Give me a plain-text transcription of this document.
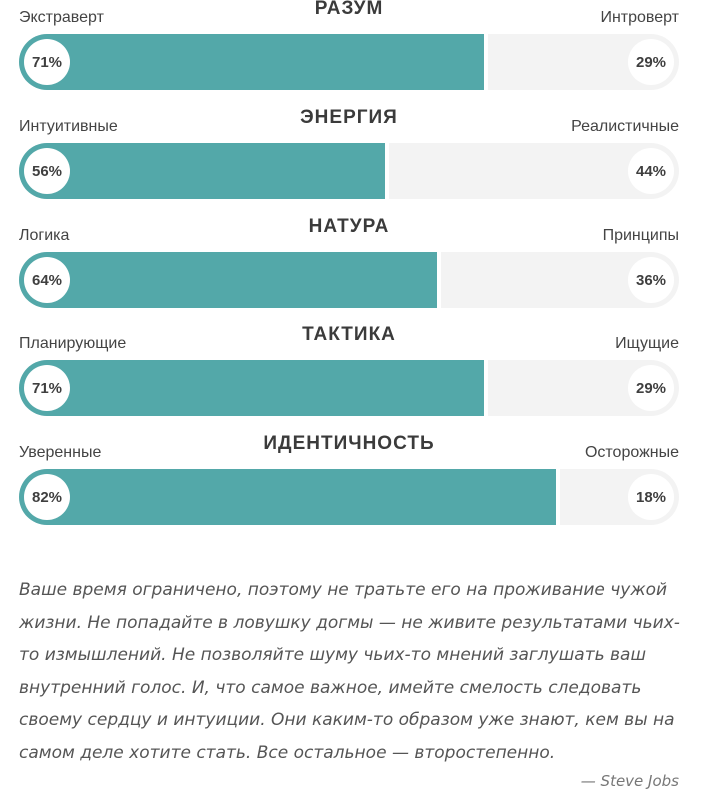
РАЗУМ
Экстраверт	Интроверт
71%	29%
ЭНЕРГИЯ
Интуитивные	Реалистичные
56%	44%
НАТУРА
Логика	Принципы
64%	36%
ТАКТИКА
Планирующие	Ищущие
71%	29%
ИДЕНТИЧНОСТЬ
Уверенные	Осторожные
82%	18%

Ваше время ограничено, поэтому не тратьте его на проживание чужой жизни. Не попадайте в ловушку догмы — не живите результатами чьих-то измышлений. Не позволяйте шуму чьих-то мнений заглушать ваш внутренний голос. И, что самое важное, имейте смелость следовать своему сердцу и интуиции. Они каким-то образом уже знают, кем вы на самом деле хотите стать. Все остальное — второстепенно.

— Steve Jobs
